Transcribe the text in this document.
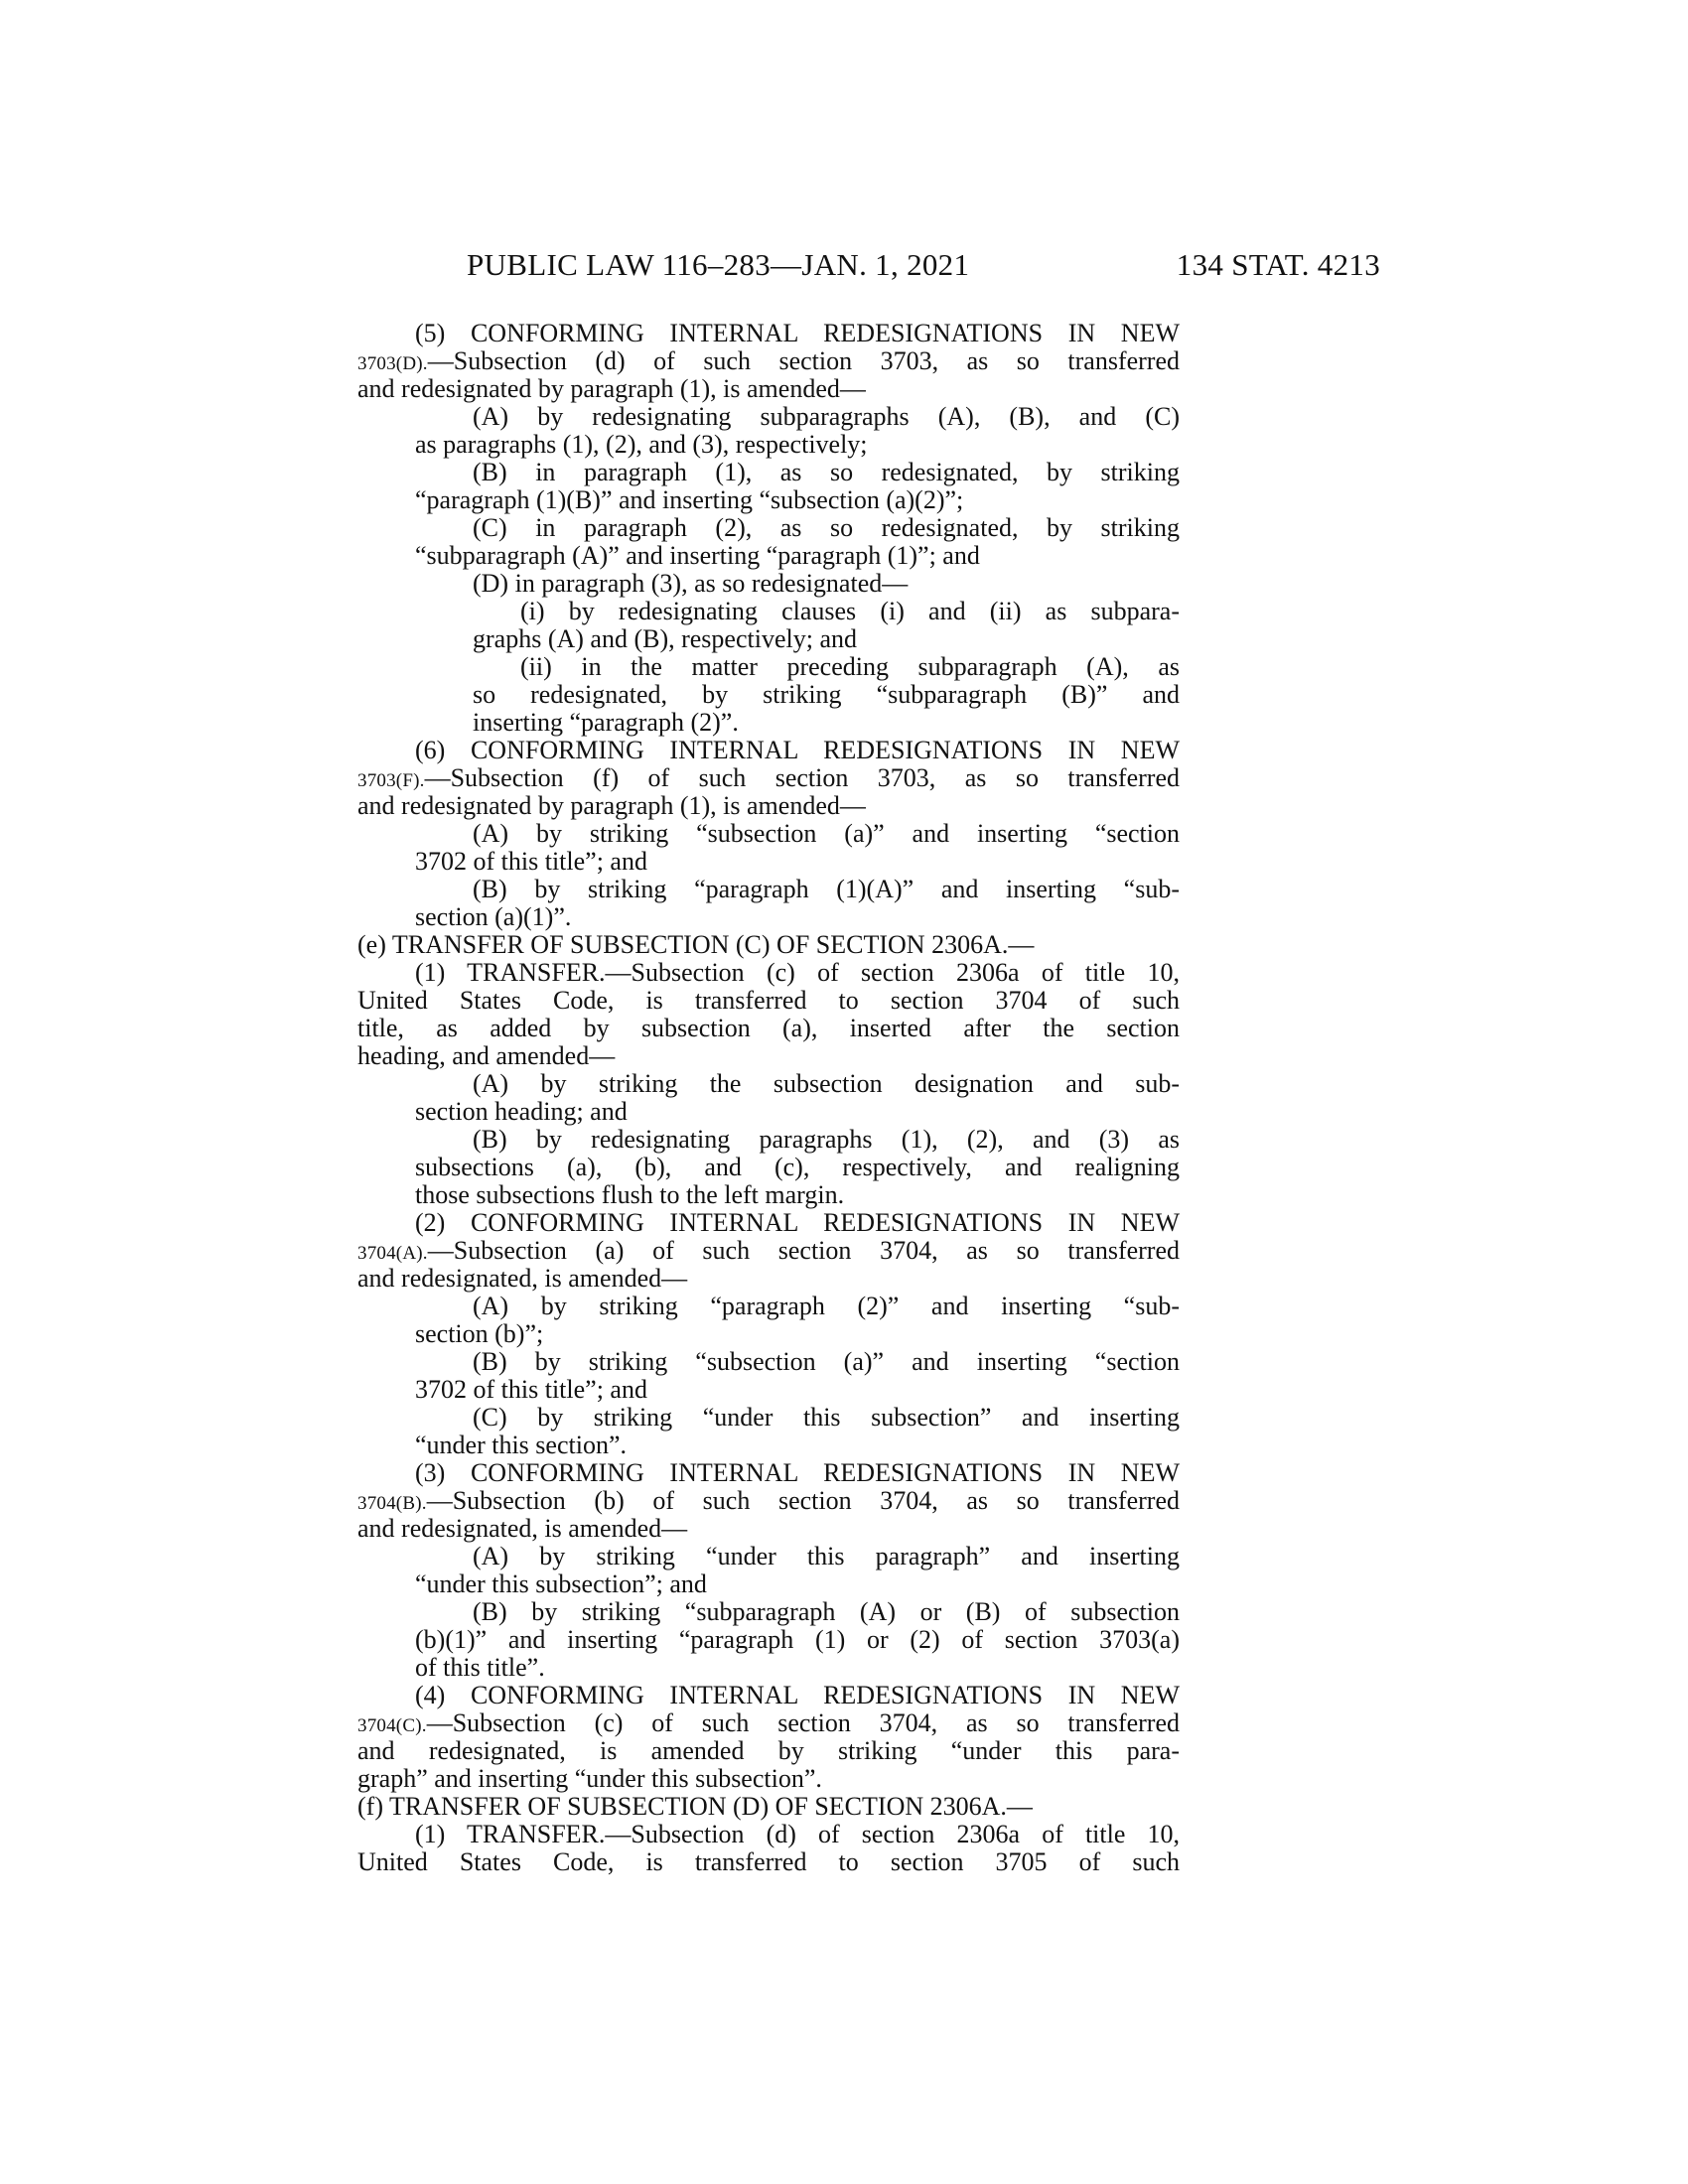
PUBLIC LAW 116–283—JAN. 1, 2021	134 STAT. 4213
(5) CONFORMING INTERNAL REDESIGNATIONS IN NEW
3703(D).—Subsection (d) of such section 3703, as so transferred
and redesignated by paragraph (1), is amended—
(A) by redesignating subparagraphs (A), (B), and (C)
as paragraphs (1), (2), and (3), respectively;
(B) in paragraph (1), as so redesignated, by striking
“paragraph (1)(B)” and inserting “subsection (a)(2)”;
(C) in paragraph (2), as so redesignated, by striking
“subparagraph (A)” and inserting “paragraph (1)”; and
(D) in paragraph (3), as so redesignated—
(i) by redesignating clauses (i) and (ii) as subpara-
graphs (A) and (B), respectively; and
(ii) in the matter preceding subparagraph (A), as
so redesignated, by striking “subparagraph (B)” and
inserting “paragraph (2)”.
(6) CONFORMING INTERNAL REDESIGNATIONS IN NEW
3703(F).—Subsection (f) of such section 3703, as so transferred
and redesignated by paragraph (1), is amended—
(A) by striking “subsection (a)” and inserting “section
3702 of this title”; and
(B) by striking “paragraph (1)(A)” and inserting “sub-
section (a)(1)”.
(e) TRANSFER OF SUBSECTION (C) OF SECTION 2306A.—
(1) TRANSFER.—Subsection (c) of section 2306a of title 10,
United States Code, is transferred to section 3704 of such
title, as added by subsection (a), inserted after the section
heading, and amended—
(A) by striking the subsection designation and sub-
section heading; and
(B) by redesignating paragraphs (1), (2), and (3) as
subsections (a), (b), and (c), respectively, and realigning
those subsections flush to the left margin.
(2) CONFORMING INTERNAL REDESIGNATIONS IN NEW
3704(A).—Subsection (a) of such section 3704, as so transferred
and redesignated, is amended—
(A) by striking “paragraph (2)” and inserting “sub-
section (b)”;
(B) by striking “subsection (a)” and inserting “section
3702 of this title”; and
(C) by striking “under this subsection” and inserting
“under this section”.
(3) CONFORMING INTERNAL REDESIGNATIONS IN NEW
3704(B).—Subsection (b) of such section 3704, as so transferred
and redesignated, is amended—
(A) by striking “under this paragraph” and inserting
“under this subsection”; and
(B) by striking “subparagraph (A) or (B) of subsection
(b)(1)” and inserting “paragraph (1) or (2) of section 3703(a)
of this title”.
(4) CONFORMING INTERNAL REDESIGNATIONS IN NEW
3704(C).—Subsection (c) of such section 3704, as so transferred
and redesignated, is amended by striking “under this para-
graph” and inserting “under this subsection”.
(f) TRANSFER OF SUBSECTION (D) OF SECTION 2306A.—
(1) TRANSFER.—Subsection (d) of section 2306a of title 10,
United States Code, is transferred to section 3705 of such
